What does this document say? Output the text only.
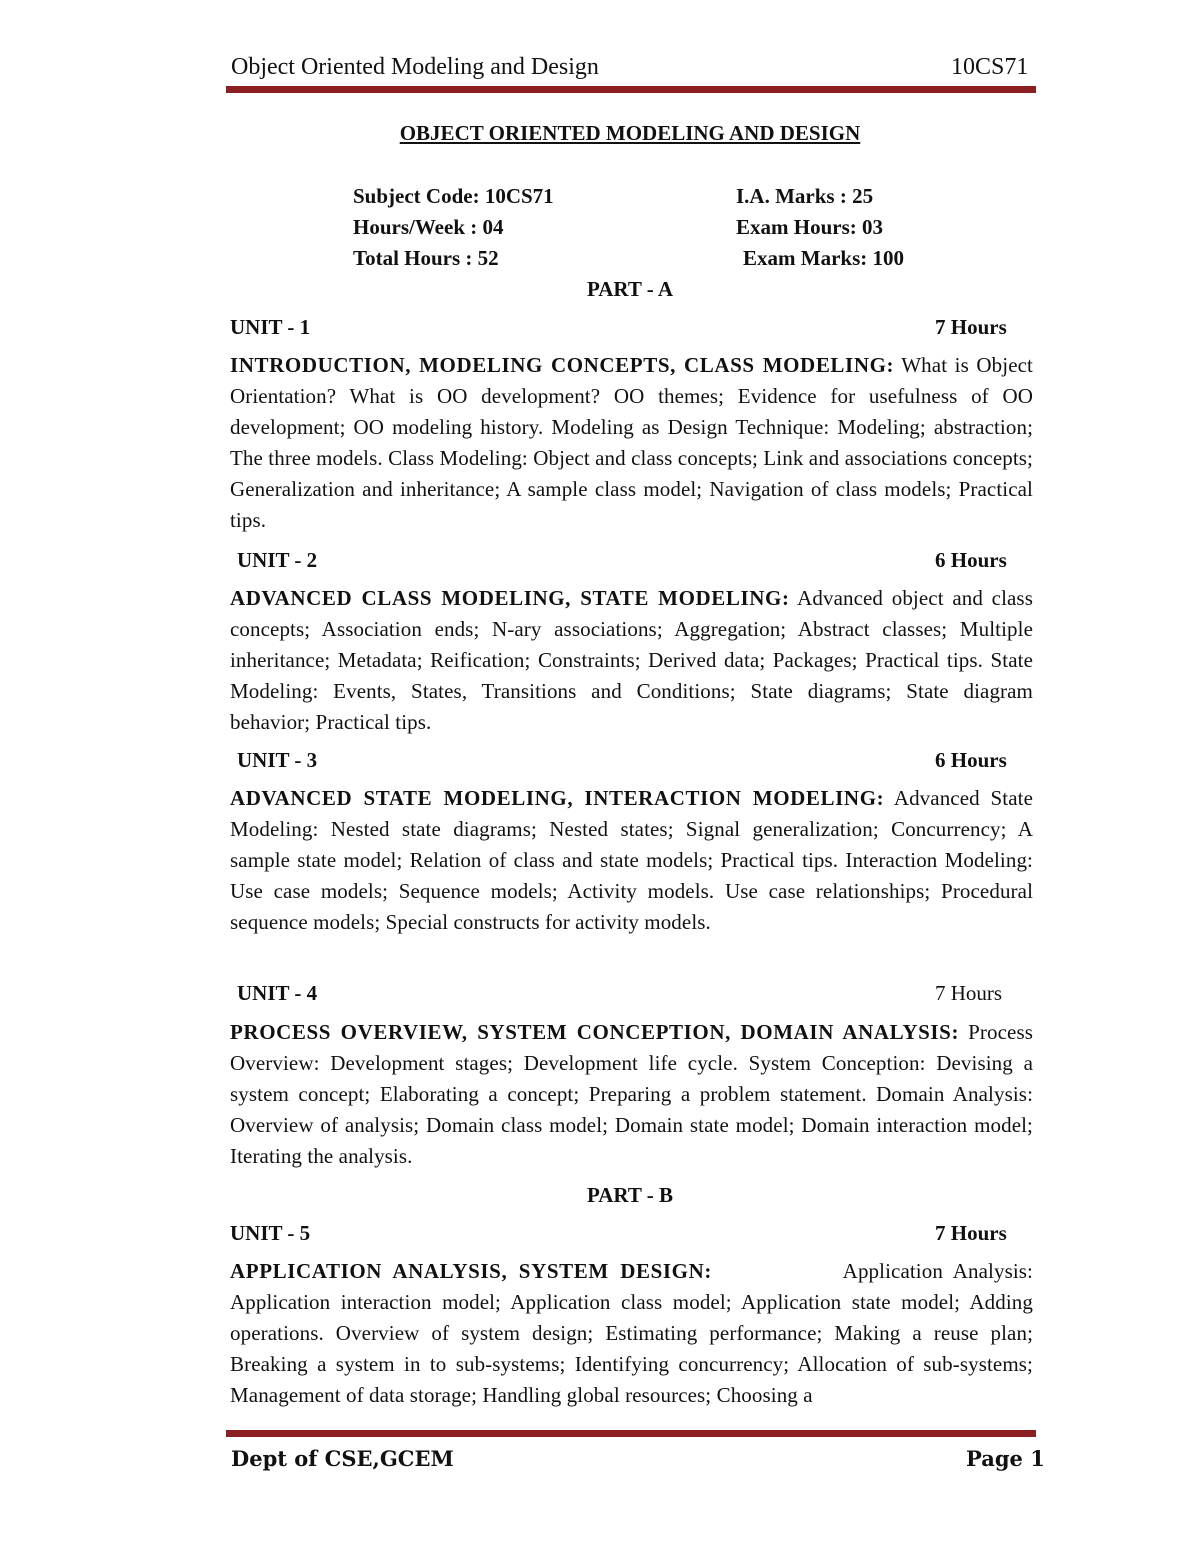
Object Oriented Modeling and Design	10CS71
OBJECT ORIENTED MODELING AND DESIGN
Subject Code: 10CS71	I.A. Marks : 25
Hours/Week : 04	Exam Hours: 03
Total Hours : 52	Exam Marks: 100
PART - A
UNIT - 1	7 Hours
INTRODUCTION, MODELING CONCEPTS, CLASS MODELING: What is Object Orientation? What is OO development? OO themes; Evidence for usefulness of OO development; OO modeling history. Modeling as Design Technique: Modeling; abstraction; The three models. Class Modeling: Object and class concepts; Link and associations concepts; Generalization and inheritance; A sample class model; Navigation of class models; Practical tips.
UNIT - 2	6 Hours
ADVANCED CLASS MODELING, STATE MODELING: Advanced object and class concepts; Association ends; N-ary associations; Aggregation; Abstract classes; Multiple inheritance; Metadata; Reification; Constraints; Derived data; Packages; Practical tips. State Modeling: Events, States, Transitions and Conditions; State diagrams; State diagram behavior; Practical tips.
UNIT - 3	6 Hours
ADVANCED STATE MODELING, INTERACTION MODELING: Advanced State Modeling: Nested state diagrams; Nested states; Signal generalization; Concurrency; A sample state model; Relation of class and state models; Practical tips. Interaction Modeling: Use case models; Sequence models; Activity models. Use case relationships; Procedural sequence models; Special constructs for activity models.
UNIT - 4	7 Hours
PROCESS OVERVIEW, SYSTEM CONCEPTION, DOMAIN ANALYSIS: Process Overview: Development stages; Development life cycle. System Conception: Devising a system concept; Elaborating a concept; Preparing a problem statement. Domain Analysis: Overview of analysis; Domain class model; Domain state model; Domain interaction model; Iterating the analysis.
PART - B
UNIT - 5	7 Hours
APPLICATION ANALYSIS, SYSTEM DESIGN:            Application Analysis: Application interaction model; Application class model; Application state model; Adding operations. Overview of system design; Estimating performance; Making a reuse plan; Breaking a system in to sub-systems; Identifying concurrency; Allocation of sub-systems; Management of data storage; Handling global resources; Choosing a
Dept of CSE,GCEM	Page 1
